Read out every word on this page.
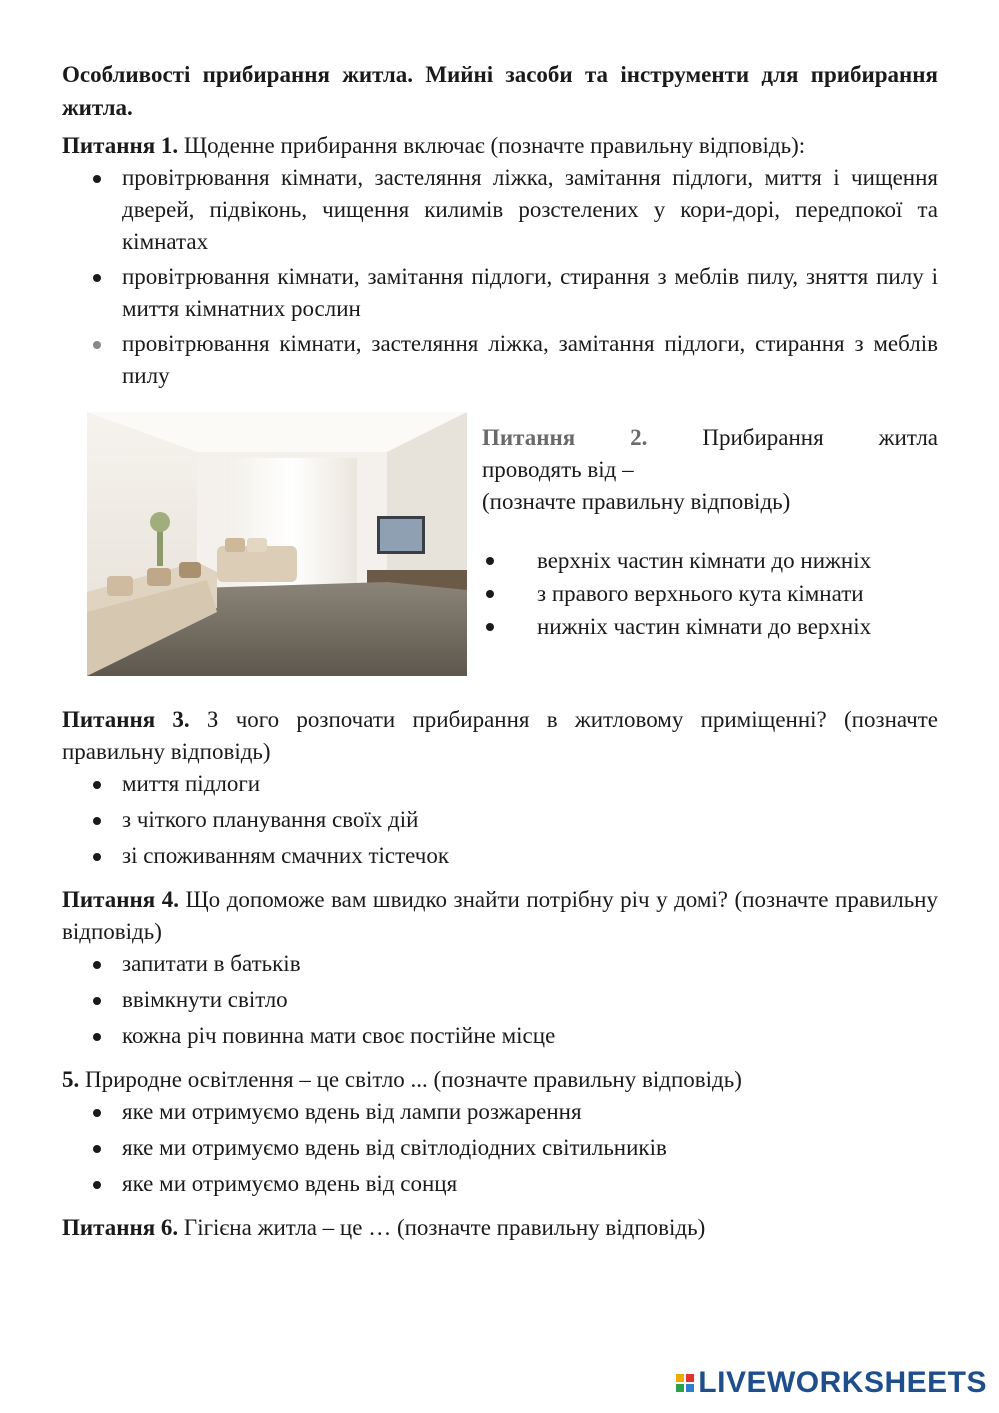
Особливості прибирання житла. Мийні засоби та інструменти для прибирання житла.

Питання 1. Щоденне прибирання включає (позначте правильну відповідь):

провітрювання кімнати, застеляння ліжка, замітання підлоги, миття і чищення дверей, підвіконь, чищення килимів розстелених у кори-дорі, передпокої та кімнатах
провітрювання кімнати, замітання підлоги, стирання з меблів пилу, зняття пилу і миття кімнатних рослин
провітрювання кімнати, застеляння ліжка, замітання підлоги, стирання з меблів пилу

Питання 2. Прибирання житла

проводять від –

(позначте правильну відповідь)

верхніх частин кімнати до нижніх
з правого верхнього кута кімнати
нижніх частин кімнати до верхніх

Питання 3. З чого розпочати прибирання в житловому приміщенні? (позначте правильну відповідь)

миття підлоги
з чіткого планування своїх дій
зі споживанням смачних тістечок

Питання 4. Що допоможе вам швидко знайти потрібну річ у домі? (позначте правильну відповідь)

запитати в батьків
ввімкнути світло
кожна річ повинна мати своє постійне місце

5. Природне освітлення – це світло ... (позначте правильну відповідь)

яке ми отримуємо вдень від лампи розжарення
яке ми отримуємо вдень від світлодіодних світильників
яке ми отримуємо вдень від сонця

Питання 6. Гігієна житла – це … (позначте правильну відповідь)

LIVEWORKSHEETS
